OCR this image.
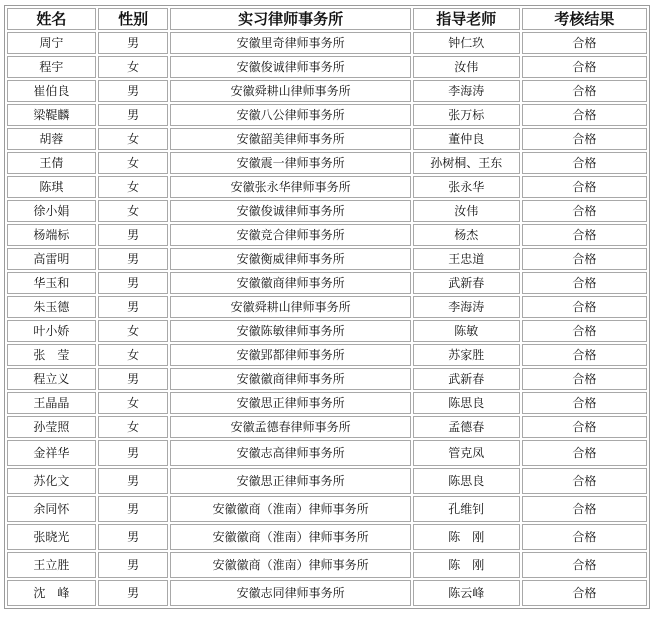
姓名	性别	实习律师事务所	指导老师	考核结果
周宁	男	安徽里奇律师事务所	钟仁玖	合格
程宇	女	安徽俊诚律师事务所	汝伟	合格
崔伯良	男	安徽舜耕山律师事务所	李海涛	合格
梁鞮麟	男	安徽八公律师事务所	张万标	合格
胡蓉	女	安徽韶美律师事务所	董仲良	合格
王倩	女	安徽震一律师事务所	孙树桐、王东	合格
陈琪	女	安徽张永华律师事务所	张永华	合格
徐小娟	女	安徽俊诚律师事务所	汝伟	合格
杨端标	男	安徽竞合律师事务所	杨杰	合格
高雷明	男	安徽衡威律师事务所	王忠道	合格
华玉和	男	安徽徽商律师事务所	武新春	合格
朱玉德	男	安徽舜耕山律师事务所	李海涛	合格
叶小娇	女	安徽陈敏律师事务所	陈敏	合格
张　莹	女	安徽郢都律师事务所	苏家胜	合格
程立义	男	安徽徽商律师事务所	武新春	合格
王晶晶	女	安徽思正律师事务所	陈思良	合格
孙莹照	女	安徽孟德春律师事务所	孟德春	合格
金祥华	男	安徽志高律师事务所	管克凤	合格
苏化文	男	安徽思正律师事务所	陈思良	合格
余同怀	男	安徽徽商（淮南）律师事务所	孔维钊	合格
张晓光	男	安徽徽商（淮南）律师事务所	陈　刚	合格
王立胜	男	安徽徽商（淮南）律师事务所	陈　刚	合格
沈　峰	男	安徽志同律师事务所	陈云峰	合格
